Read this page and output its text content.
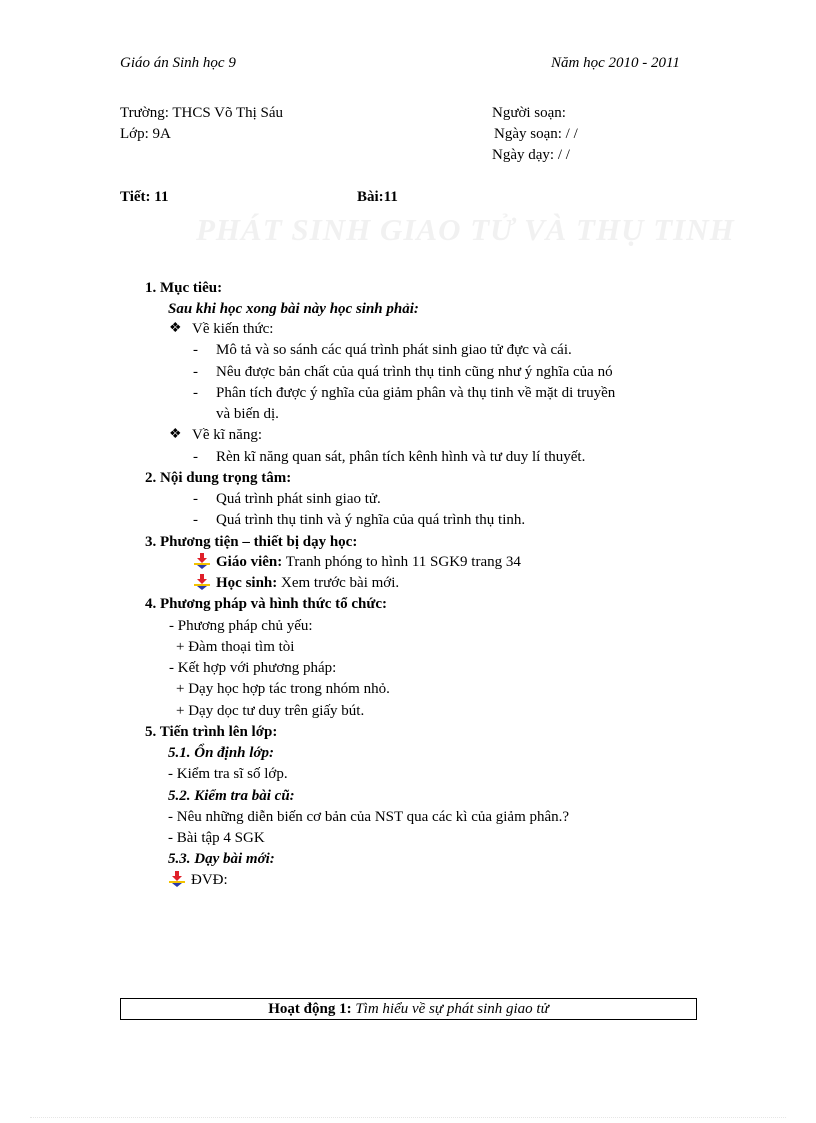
Giáo án Sinh học 9	Năm học 2010 - 2011
Trường: THCS Võ Thị Sáu
Lớp: 9A
Người soạn:
Ngày soạn: / /
Ngày dạy: / /
Tiết: 11	Bài:11
PHÁT SINH GIAO TỬ VÀ THỤ TINH
1. Mục tiêu:
Sau khi học xong bài này học sinh phải:
❖ Về kiến thức:
- Mô tả và so sánh các quá trình phát sinh giao tử đực và cái.
- Nêu được bản chất của quá trình thụ tinh cũng như ý nghĩa của nó
- Phân tích được ý nghĩa của giảm phân và thụ tinh về mặt di truyền
và biến dị.
❖ Về kĩ năng:
- Rèn kĩ năng quan sát, phân tích kênh hình và tư duy lí thuyết.
2. Nội dung trọng tâm:
- Quá trình phát sinh giao tử.
- Quá trình thụ tinh và ý nghĩa của quá trình thụ tinh.
3. Phương tiện – thiết bị dạy học:
Giáo viên: Tranh phóng to hình 11 SGK9 trang 34
Học sinh: Xem trước bài mới.
4. Phương pháp và hình thức tổ chức:
- Phương pháp chủ yếu:
+ Đàm thoại tìm tòi
- Kết hợp với phương pháp:
+ Dạy học hợp tác trong nhóm nhỏ.
+ Dạy dọc tư duy trên giấy bút.
5. Tiến trình lên lớp:
5.1. Ổn định lớp:
- Kiểm tra sĩ số lớp.
5.2. Kiểm tra bài cũ:
- Nêu những diễn biến cơ bản của NST qua các kì của giảm phân.?
- Bài tập 4 SGK
5.3. Dạy bài mới:
ĐVĐ:
Hoạt động 1: Tìm hiểu về sự phát sinh giao tử
